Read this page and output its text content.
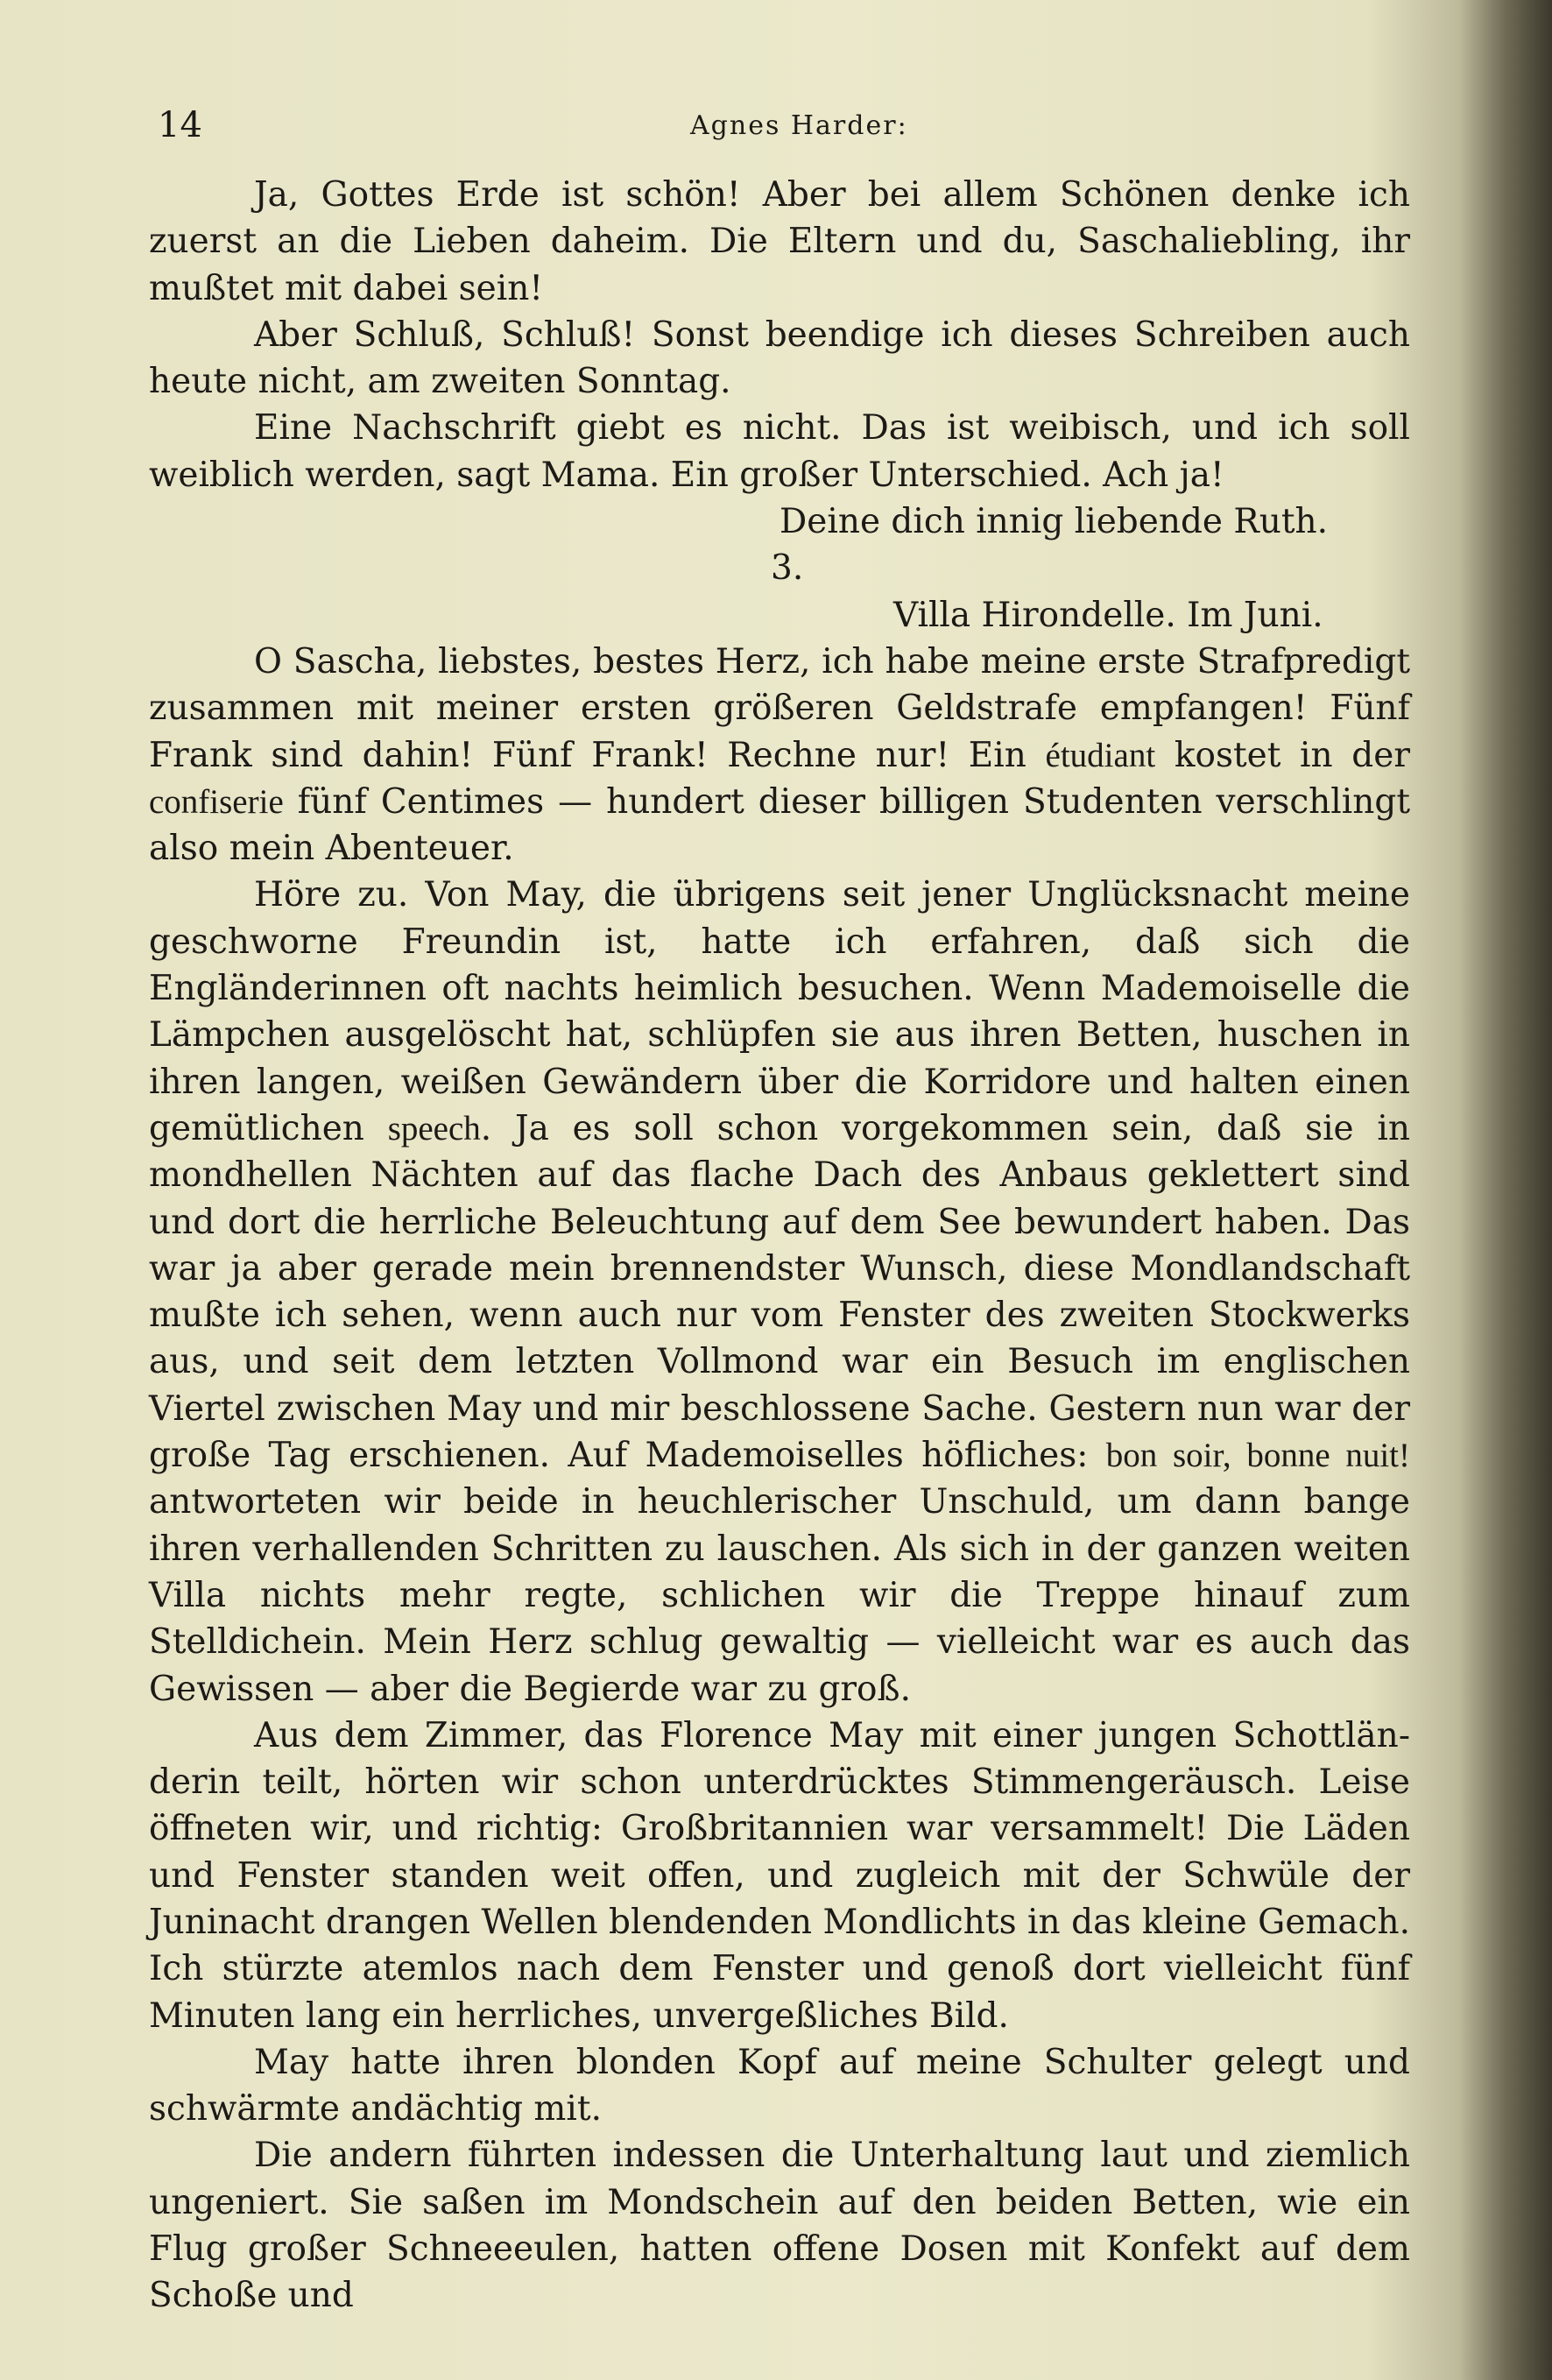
14	Agnes Harder:

Ja, Gottes Erde ist schön! Aber bei allem Schönen denke ich zuerst an die Lieben daheim. Die Eltern und du, Saschaliebling, ihr mußtet mit dabei sein!

Aber Schluß, Schluß! Sonst beendige ich dieses Schreiben auch heute nicht, am zweiten Sonntag.

Eine Nachschrift giebt es nicht. Das ist weibisch, und ich soll weiblich werden, sagt Mama. Ein großer Unterschied. Ach ja!

Deine dich innig liebende Ruth.

3.

Villa Hirondelle. Im Juni.

O Sascha, liebstes, bestes Herz, ich habe meine erste Strafpredigt zusammen mit meiner ersten größeren Geldstrafe empfangen! Fünf Frank sind dahin! Fünf Frank! Rechne nur! Ein étudiant kostet in der confiserie fünf Centimes — hundert dieser billigen Studenten verschlingt also mein Abenteuer.

Höre zu. Von May, die übrigens seit jener Unglücksnacht meine geschworne Freundin ist, hatte ich erfahren, daß sich die Engländerinnen oft nachts heimlich besuchen. Wenn Mademoiselle die Lämpchen ausgelöscht hat, schlüpfen sie aus ihren Betten, huschen in ihren langen, weißen Gewändern über die Korridore und halten einen gemütlichen speech. Ja es soll schon vorgekommen sein, daß sie in mondhellen Nächten auf das flache Dach des Anbaus geklettert sind und dort die herrliche Beleuchtung auf dem See bewundert haben. Das war ja aber gerade mein brennendster Wunsch, diese Mondlandschaft mußte ich sehen, wenn auch nur vom Fenster des zweiten Stockwerks aus, und seit dem letzten Vollmond war ein Besuch im englischen Viertel zwischen May und mir beschlossene Sache. Gestern nun war der große Tag erschienen. Auf Mademoiselles höfliches: bon soir, bonne nuit! antworteten wir beide in heuchlerischer Unschuld, um dann bange ihren verhallenden Schritten zu lauschen. Als sich in der ganzen weiten Villa nichts mehr regte, schlichen wir die Treppe hinauf zum Stelldichein. Mein Herz schlug gewaltig — vielleicht war es auch das Gewissen — aber die Begierde war zu groß.

Aus dem Zimmer, das Florence May mit einer jungen Schottländerin teilt, hörten wir schon unterdrücktes Stimmengeräusch. Leise öffneten wir, und richtig: Großbritannien war versammelt! Die Läden und Fenster standen weit offen, und zugleich mit der Schwüle der Juninacht drangen Wellen blendenden Mondlichts in das kleine Gemach. Ich stürzte atemlos nach dem Fenster und genoß dort vielleicht fünf Minuten lang ein herrliches, unvergeßliches Bild.

May hatte ihren blonden Kopf auf meine Schulter gelegt und schwärmte andächtig mit.

Die andern führten indessen die Unterhaltung laut und ziemlich ungeniert. Sie saßen im Mondschein auf den beiden Betten, wie ein Flug großer Schneeeulen, hatten offene Dosen mit Konfekt auf dem Schoße und
